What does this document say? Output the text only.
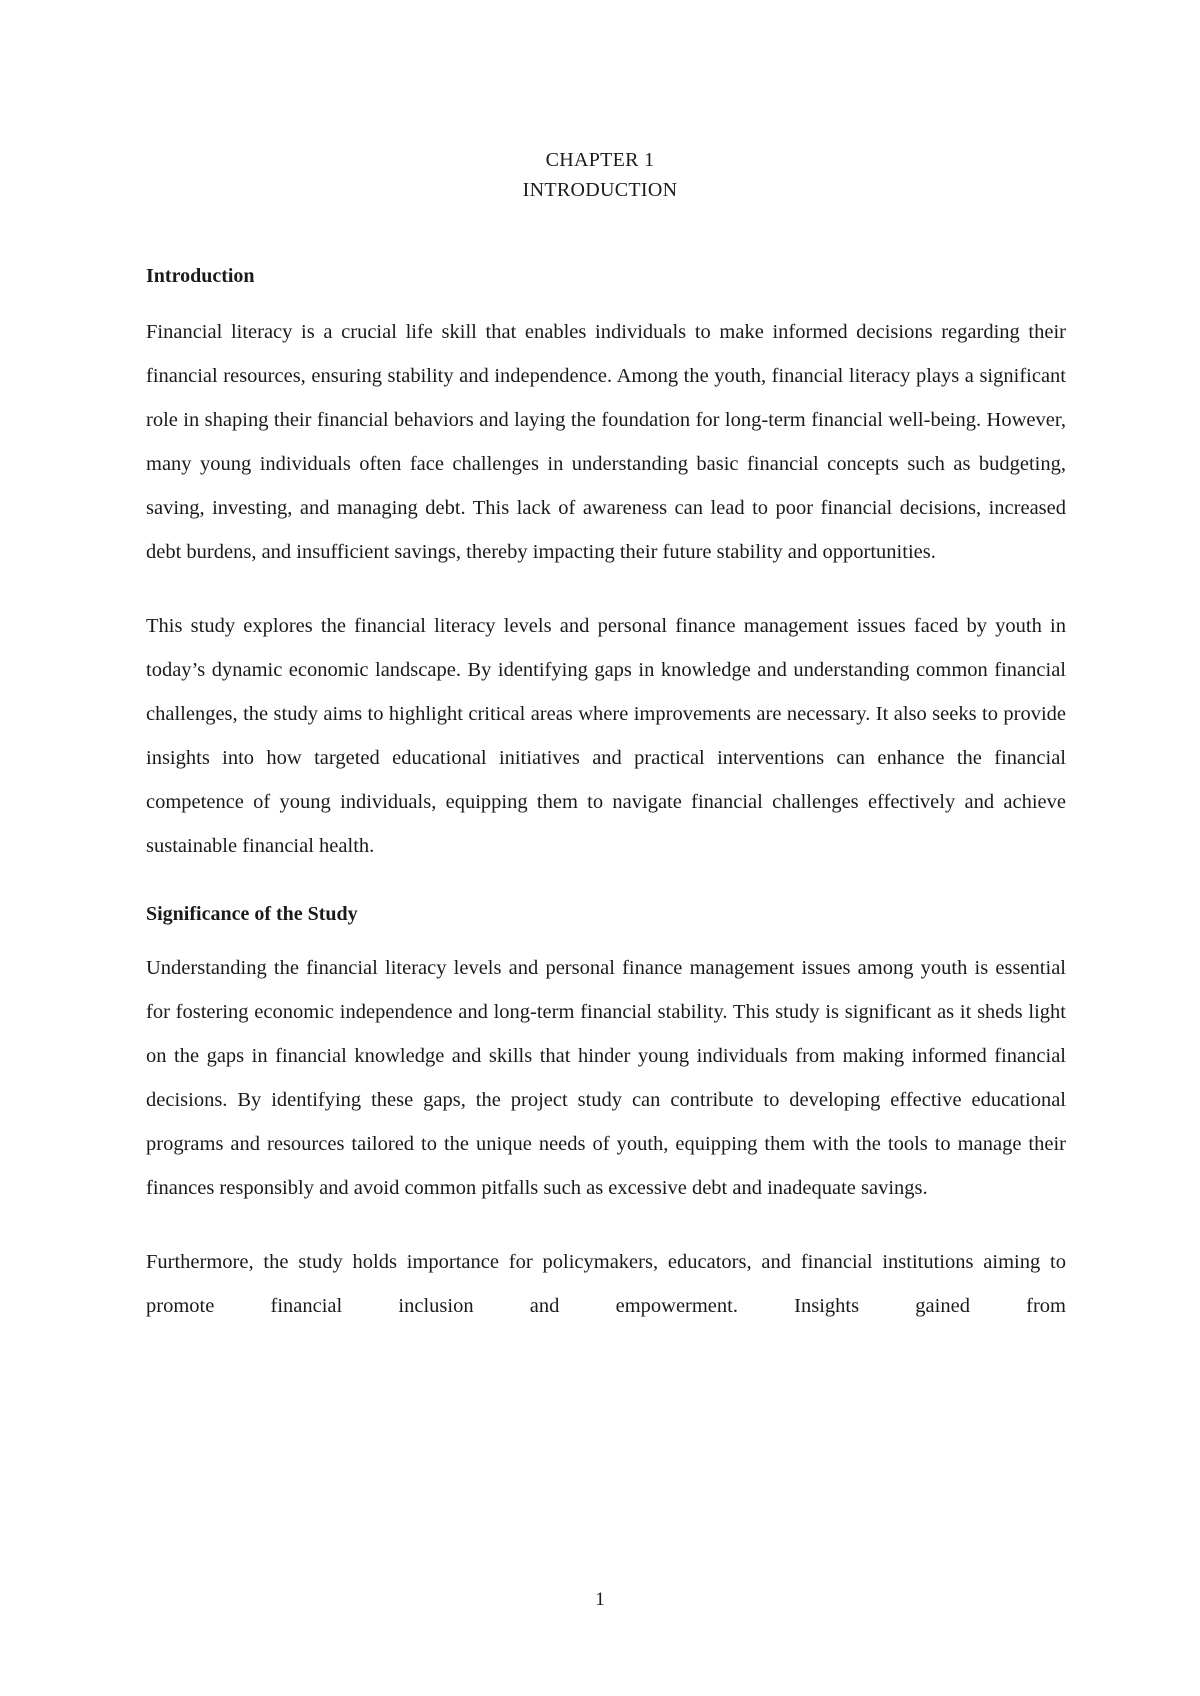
CHAPTER 1
INTRODUCTION
Introduction

Financial literacy is a crucial life skill that enables individuals to make informed decisions regarding their financial resources, ensuring stability and independence. Among the youth, financial literacy plays a significant role in shaping their financial behaviors and laying the foundation for long-term financial well-being. However, many young individuals often face challenges in understanding basic financial concepts such as budgeting, saving, investing, and managing debt. This lack of awareness can lead to poor financial decisions, increased debt burdens, and insufficient savings, thereby impacting their future stability and opportunities.

This study explores the financial literacy levels and personal finance management issues faced by youth in today’s dynamic economic landscape. By identifying gaps in knowledge and understanding common financial challenges, the study aims to highlight critical areas where improvements are necessary. It also seeks to provide insights into how targeted educational initiatives and practical interventions can enhance the financial competence of young individuals, equipping them to navigate financial challenges effectively and achieve sustainable financial health.

Significance of the Study

Understanding the financial literacy levels and personal finance management issues among youth is essential for fostering economic independence and long-term financial stability. This study is significant as it sheds light on the gaps in financial knowledge and skills that hinder young individuals from making informed financial decisions. By identifying these gaps, the project study can contribute to developing effective educational programs and resources tailored to the unique needs of youth, equipping them with the tools to manage their finances responsibly and avoid common pitfalls such as excessive debt and inadequate savings.

Furthermore, the study holds importance for policymakers, educators, and financial institutions aiming to promote financial inclusion and empowerment. Insights gained from

1
